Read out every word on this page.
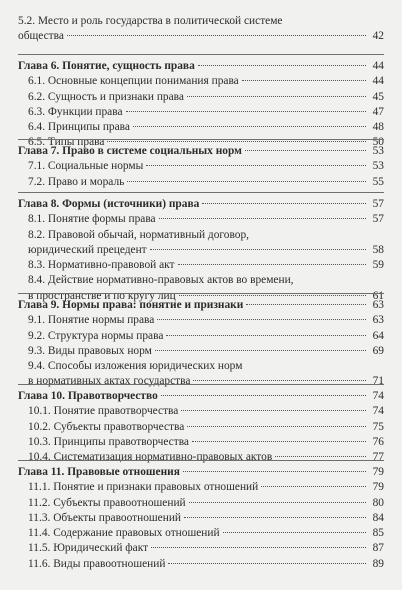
5.2. Место и роль государства в политической системе
общества	42
Глава 6. Понятие, сущность права	44
6.1. Основные концепции понимания права	44
6.2. Сущность и признаки права	45
6.3. Функции права	47
6.4. Принципы права	48
6.5. Типы права	50
Глава 7. Право в системе социальных норм	53
7.1. Социальные нормы	53
7.2. Право и мораль	55
Глава 8. Формы (источники) права	57
8.1. Понятие формы права	57
8.2. Правовой обычай, нормативный договор,
юридический прецедент	58
8.3. Нормативно-правовой акт	59
8.4. Действие нормативно-правовых актов во времени,
в пространстве и по кругу лиц	61
Глава 9. Нормы права: понятие и признаки	63
9.1. Понятие нормы права	63
9.2. Структура нормы права	64
9.3. Виды правовых норм	69
9.4. Способы изложения юридических норм
в нормативных актах государства	71
Глава 10. Правотворчество	74
10.1. Понятие правотворчества	74
10.2. Субъекты правотворчества	75
10.3. Принципы правотворчества	76
10.4. Систематизация нормативно-правовых актов	77
Глава 11. Правовые отношения	79
11.1. Понятие и признаки правовых отношений	79
11.2. Субъекты правоотношений	80
11.3. Объекты правоотношений	84
11.4. Содержание правовых отношений	85
11.5. Юридический факт	87
11.6. Виды правоотношений	89
